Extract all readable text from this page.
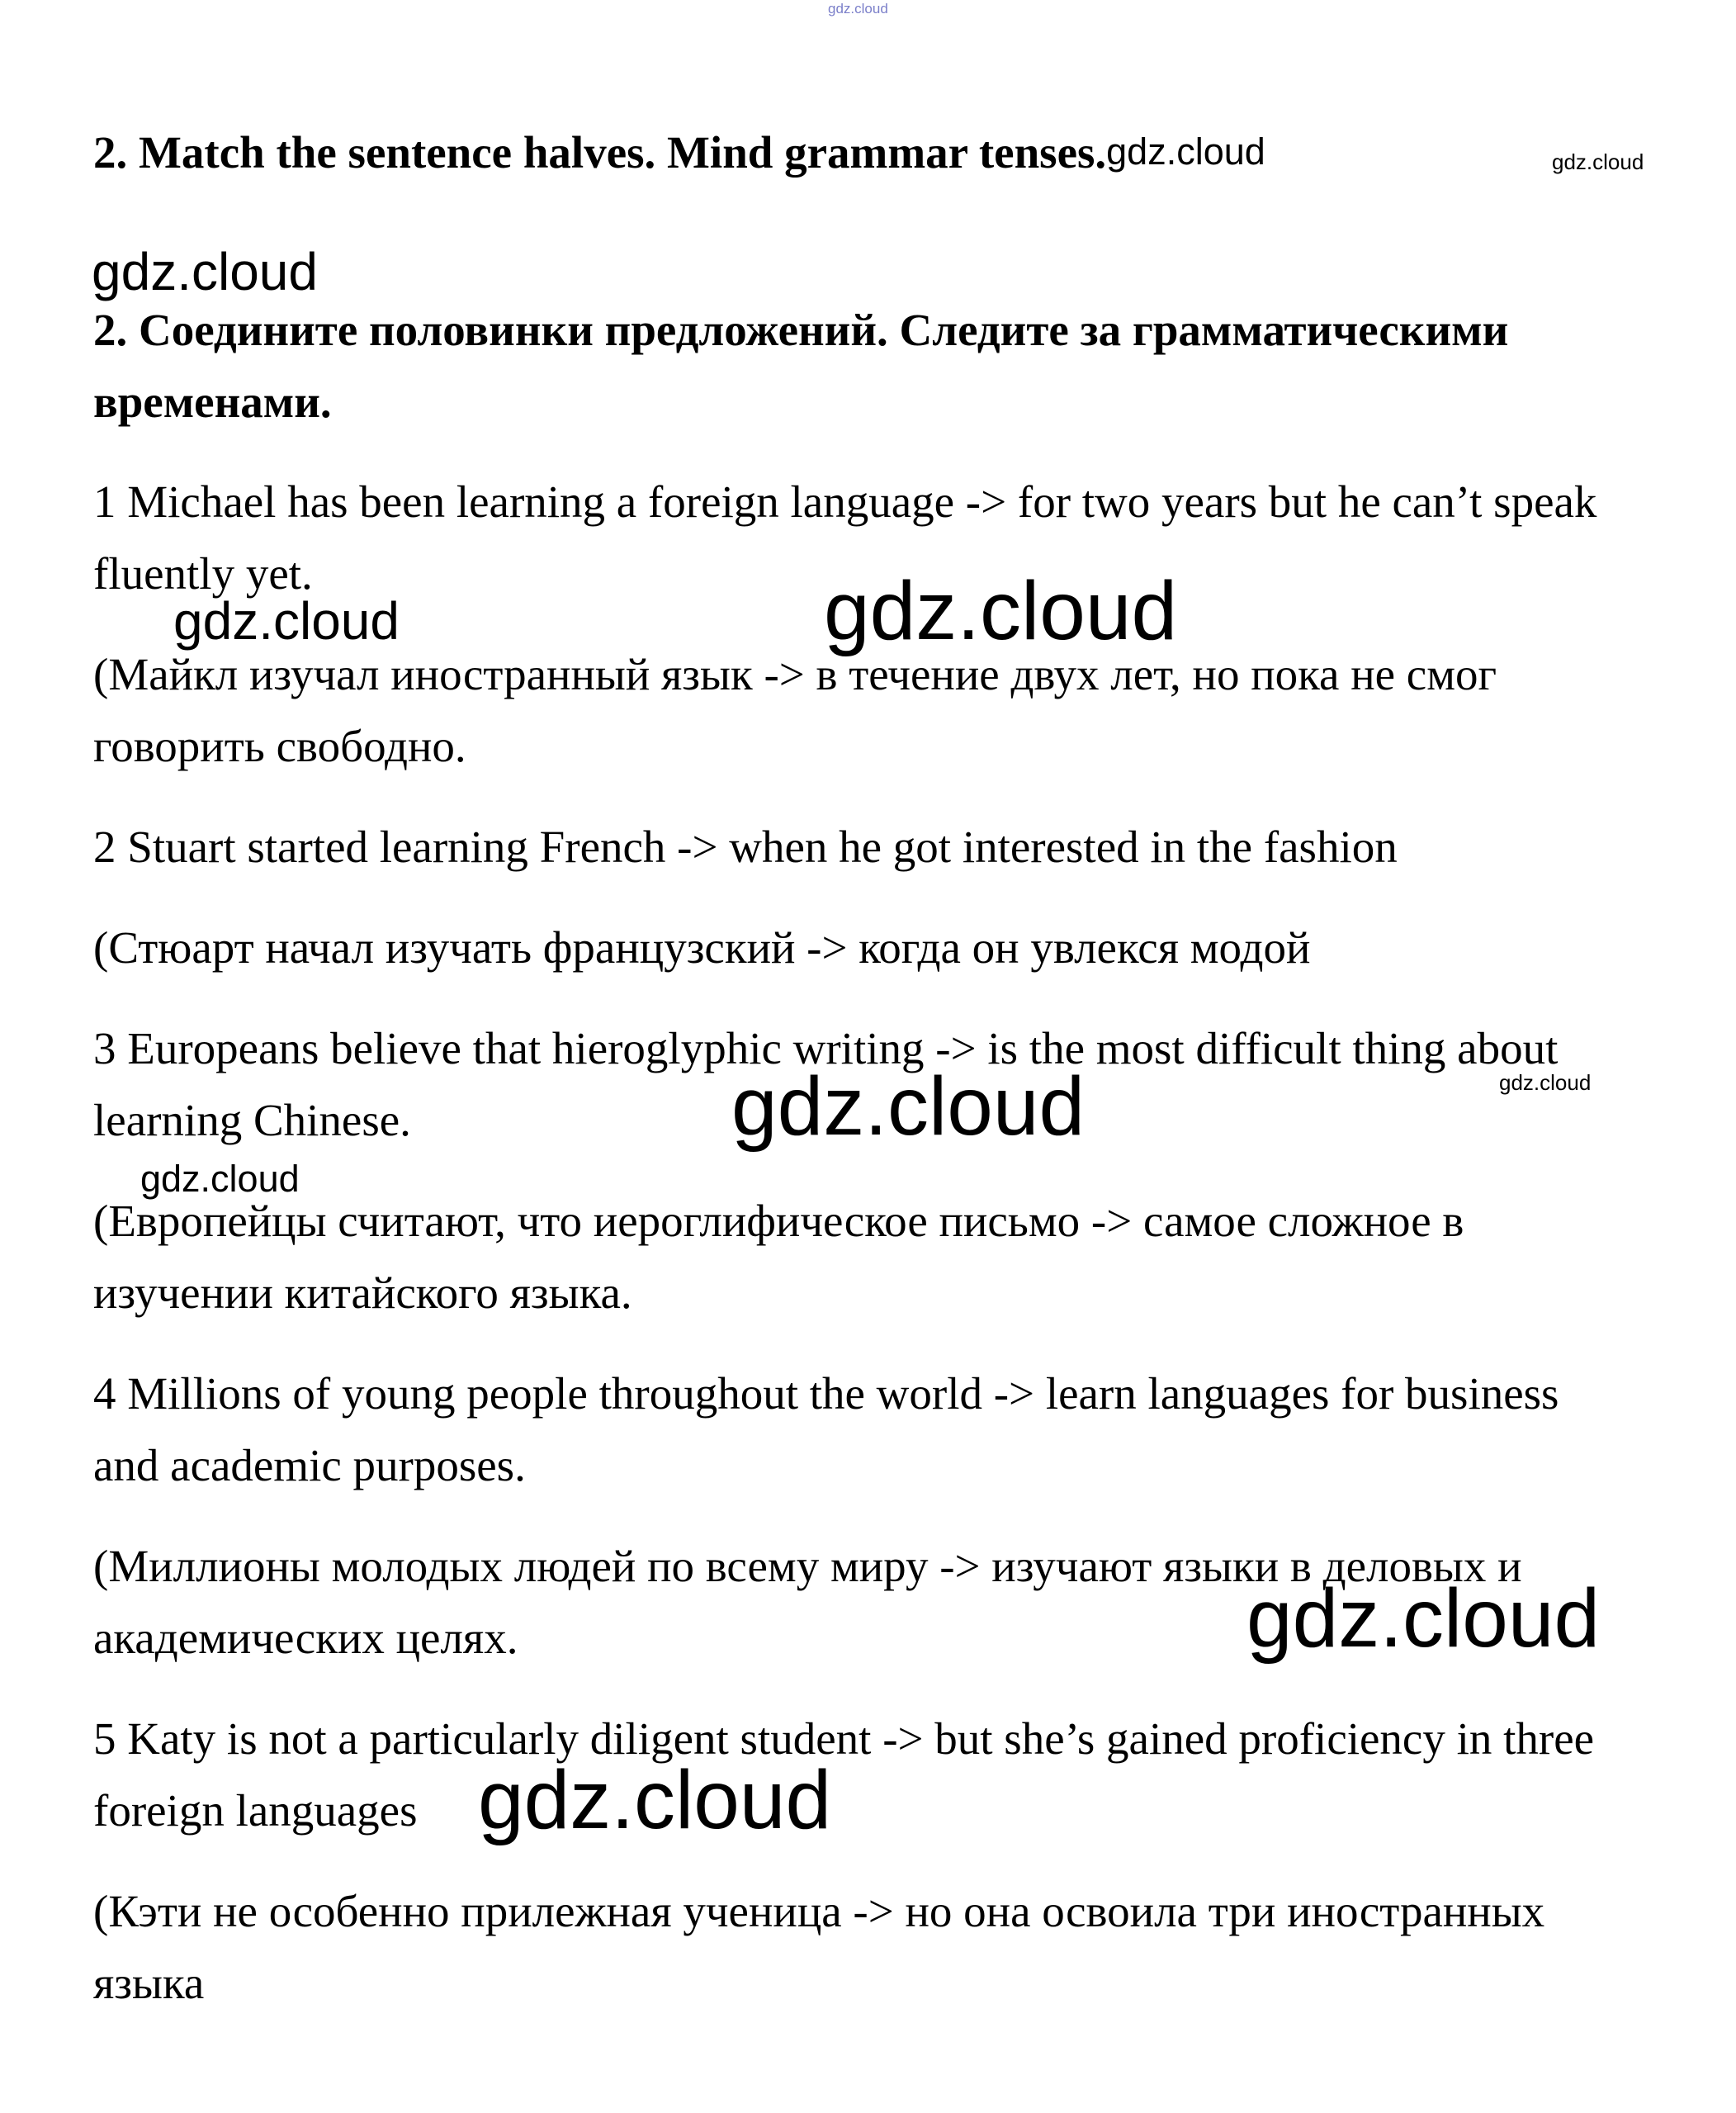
gdz.cloud
gdz.cloud
gdz.cloud
gdz.cloud	gdz.cloud
gdz.cloud
gdz.cloud
gdz.cloud
gdz.cloud
gdz.cloud
2. Match the sentence halves. Mind grammar tenses.gdz.cloud
2. Соедините половинки предложений. Следите за грамматическими
временами.
1 Michael has been learning a foreign language -> for two years but he can’t speak
fluently yet.
(Майкл изучал иностранный язык -> в течение двух лет, но пока не смог
говорить свободно.
2 Stuart started learning French -> when he got interested in the fashion
(Стюарт начал изучать французский -> когда он увлекся модой
3 Europeans believe that hieroglyphic writing -> is the most difficult thing about
learning Chinese.
(Европейцы считают, что иероглифическое письмо -> самое сложное в
изучении китайского языка.
4 Millions of young people throughout the world -> learn languages for business
and academic purposes.
(Миллионы молодых людей по всему миру -> изучают языки в деловых и
академических целях.
5 Katy is not a particularly diligent student -> but she’s gained proficiency in three
foreign languages
(Кэти не особенно прилежная ученица -> но она освоила три иностранных
языка
